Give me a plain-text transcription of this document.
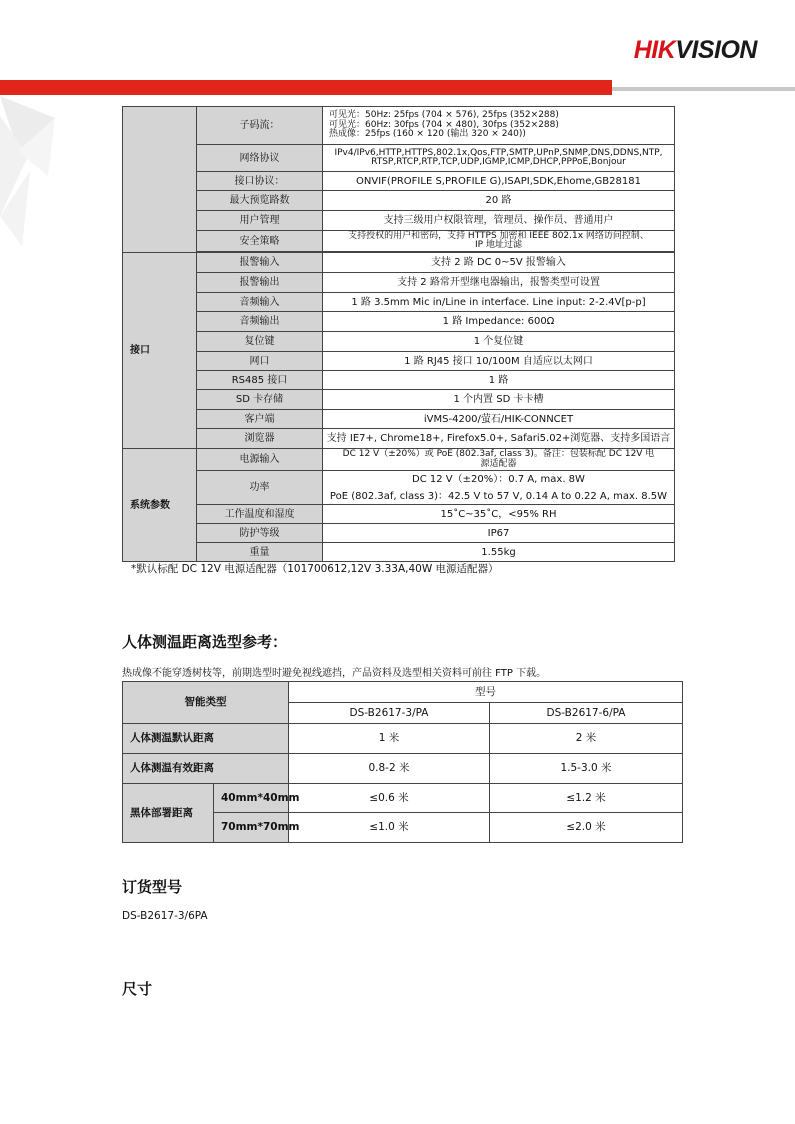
HIKVISION
	子码流：	可见光：50Hz: 25fps (704 × 576), 25fps (352×288)
可见光：60Hz: 30fps (704 × 480), 30fps (352×288)
热成像：25fps (160 × 120 (输出 320 × 240))

	网络协议	IPv4/IPv6,HTTP,HTTPS,802.1x,Qos,FTP,SMTP,UPnP,SNMP,DNS,DDNS,NTP,
RTSP,RTCP,RTP,TCP,UDP,IGMP,ICMP,DHCP,PPPoE,Bonjour

	接口协议：	ONVIF(PROFILE S,PROFILE G),ISAPI,SDK,Ehome,GB28181
	最大预览路数	20 路
	用户管理	支持三级用户权限管理，管理员、操作员、普通用户
	安全策略	支持授权的用户和密码，支持 HTTPS 加密和 IEEE 802.1x 网络访问控制、
IP 地址过滤

接口	报警输入	支持 2 路 DC 0~5V 报警输入
	报警输出	支持 2 路常开型继电器输出，报警类型可设置
	音频输入	1 路 3.5mm Mic in/Line in interface. Line input: 2-2.4V[p-p]
	音频输出	1 路 Impedance: 600Ω
	复位键	1 个复位键
	网口	1 路 RJ45 接口 10/100M 自适应以太网口
	RS485 接口	1 路
	SD 卡存储	1 个内置 SD 卡卡槽
	客户端	iVMS-4200/萤石/HIK-CONNCET
	浏览器	支持 IE7+, Chrome18+, Firefox5.0+, Safari5.02+浏览器、支持多国语言
系统参数	电源输入	DC 12 V（±20%）或 PoE (802.3af, class 3)。备注：包装标配 DC 12V 电
源适配器

	功率	DC 12 V（±20%）：0.7 A, max. 8W
PoE (802.3af, class 3)：42.5 V to 57 V, 0.14 A to 0.22 A, max. 8.5W

	工作温度和湿度	15˚C~35˚C，<95% RH
	防护等级	IP67
	重量	1.55kg
*默认标配 DC 12V 电源适配器（101700612,12V 3.33A,40W 电源适配器）
人体测温距离选型参考：
热成像不能穿透树枝等，前期选型时避免视线遮挡，产品资料及选型相关资料可前往 FTP 下载。
智能类型		型号	
		DS-B2617-3/PA	DS-B2617-6/PA
人体测温默认距离		1 米	2 米
人体测温有效距离		0.8-2 米	1.5-3.0 米
黑体部署距离	40mm*40mm	≤0.6 米	≤1.2 米
	70mm*70mm	≤1.0 米	≤2.0 米
订货型号
DS-B2617-3/6PA
尺寸
